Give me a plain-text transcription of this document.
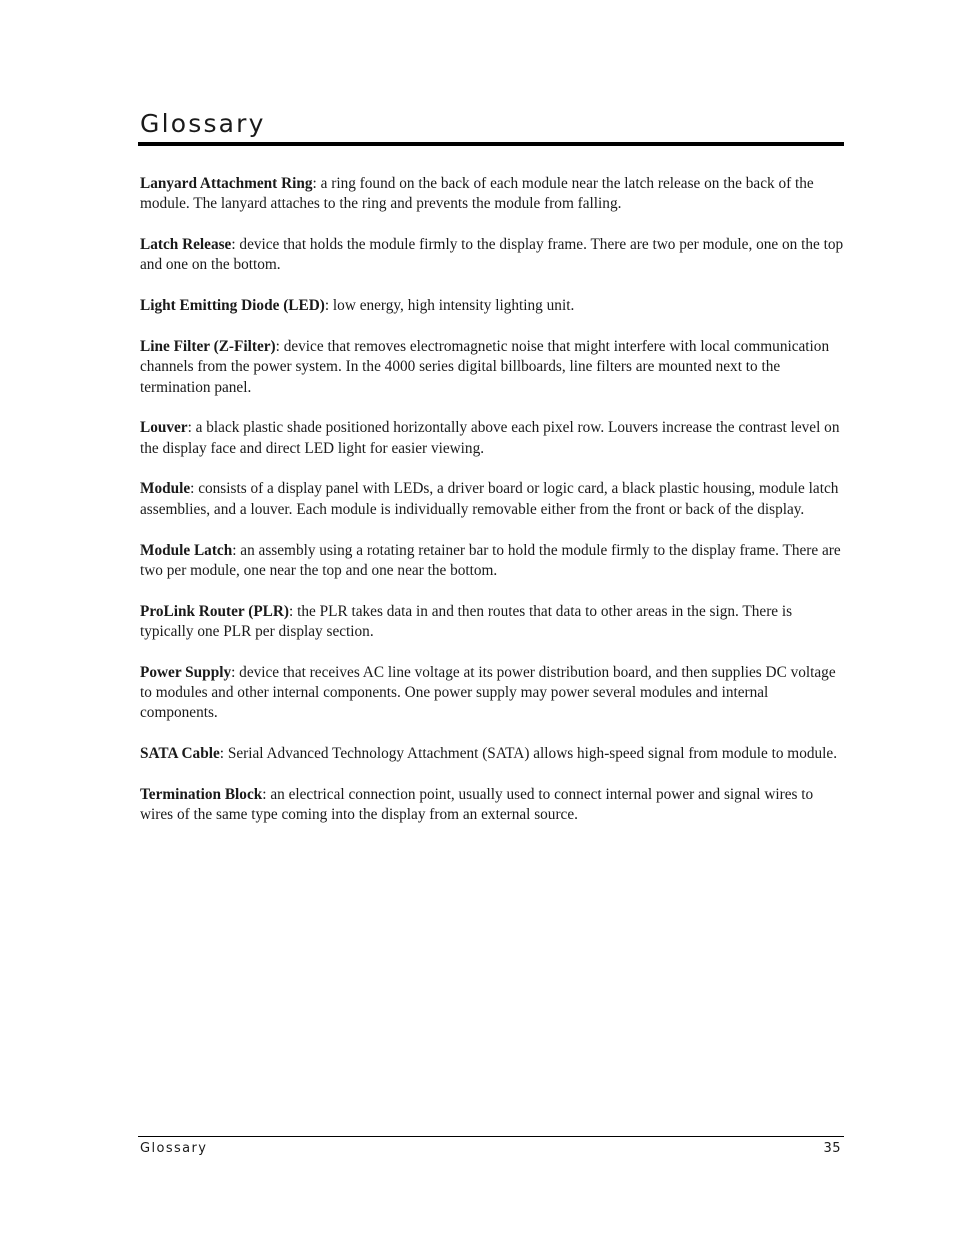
Glossary
Lanyard Attachment Ring: a ring found on the back of each module near the latch release on the back of the module. The lanyard attaches to the ring and prevents the module from falling.
Latch Release: device that holds the module firmly to the display frame. There are two per module, one on the top and one on the bottom.
Light Emitting Diode (LED): low energy, high intensity lighting unit.
Line Filter (Z-Filter): device that removes electromagnetic noise that might interfere with local communication channels from the power system. In the 4000 series digital billboards, line filters are mounted next to the termination panel.
Louver: a black plastic shade positioned horizontally above each pixel row. Louvers increase the contrast level on the display face and direct LED light for easier viewing.
Module: consists of a display panel with LEDs, a driver board or logic card, a black plastic housing, module latch assemblies, and a louver. Each module is individually removable either from the front or back of the display.
Module Latch: an assembly using a rotating retainer bar to hold the module firmly to the display frame. There are two per module, one near the top and one near the bottom.
ProLink Router (PLR): the PLR takes data in and then routes that data to other areas in the sign. There is typically one PLR per display section.
Power Supply: device that receives AC line voltage at its power distribution board, and then supplies DC voltage to modules and other internal components. One power supply may power several modules and internal components.
SATA Cable: Serial Advanced Technology Attachment (SATA) allows high-speed signal from module to module.
Termination Block: an electrical connection point, usually used to connect internal power and signal wires to wires of the same type coming into the display from an external source.
Glossary	35
